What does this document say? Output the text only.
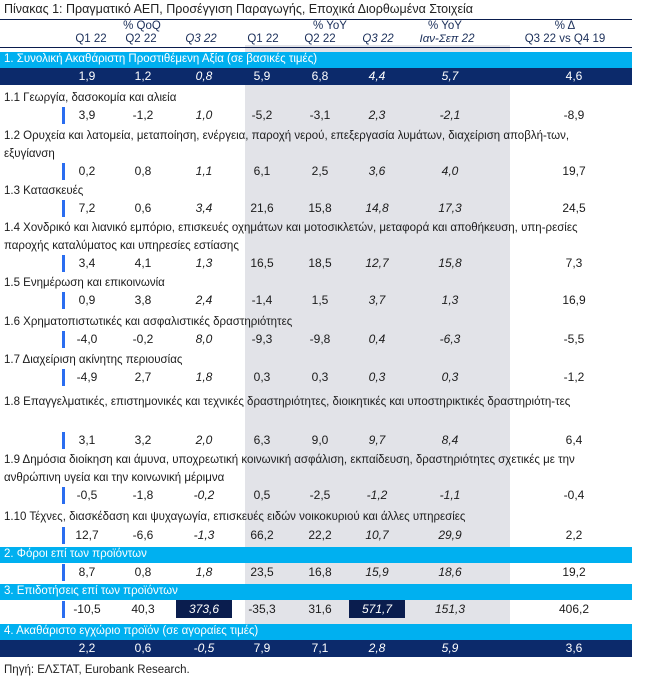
Πίνακας 1: Πραγματικό ΑΕΠ, Προσέγγιση Παραγωγής, Εποχικά Διορθωμένα Στοιχεία
% QoQ	% YoY	% YoY	% Δ
Q1 22	Q2 22	Q3 22	Q1 22	Q2 22	Q3 22	Ιαν-Σεπ 22	Q3 22 vs Q4 19
1. Συνολική Ακαθάριστη Προστιθέμενη Αξία (σε βασικές τιμές)
1,9	1,2	0,8	5,9	6,8	4,4	5,7	4,6
1.1 Γεωργία, δασοκομία και αλιεία
3,9	-1,2	1,0	-5,2	-3,1	2,3	-2,1	-8,9
1.2 Ορυχεία και λατομεία, μεταποίηση, ενέργεια, παροχή νερού, επεξεργασία λυμάτων, διαχείριση αποβλή-των, εξυγίανση
0,2	0,8	1,1	6,1	2,5	3,6	4,0	19,7
1.3 Κατασκευές
7,2	0,6	3,4	21,6	15,8	14,8	17,3	24,5
1.4 Χονδρικό και λιανικό εμπόριο, επισκευές οχημάτων και μοτοσικλετών, μεταφορά και αποθήκευση, υπη-ρεσίες παροχής καταλύματος και υπηρεσίες εστίασης
3,4	4,1	1,3	16,5	18,5	12,7	15,8	7,3
1.5 Ενημέρωση και επικοινωνία
0,9	3,8	2,4	-1,4	1,5	3,7	1,3	16,9
1.6 Χρηματοπιστωτικές και ασφαλιστικές δραστηριότητες
-4,0	-0,2	8,0	-9,3	-9,8	0,4	-6,3	-5,5
1.7 Διαχείριση ακίνητης περιουσίας
-4,9	2,7	1,8	0,3	0,3	0,3	0,3	-1,2
1.8 Επαγγελματικές, επιστημονικές και τεχνικές δραστηριότητες, διοικητικές και υποστηρικτικές δραστηριότη-τες
3,1	3,2	2,0	6,3	9,0	9,7	8,4	6,4
1.9 Δημόσια διοίκηση και άμυνα, υποχρεωτική κοινωνική ασφάλιση, εκπαίδευση, δραστηριότητες σχετικές με την ανθρώπινη υγεία και την κοινωνική μέριμνα
-0,5	-1,8	-0,2	0,5	-2,5	-1,2	-1,1	-0,4
1.10 Τέχνες, διασκέδαση και ψυχαγωγία, επισκευές ειδών νοικοκυριού και άλλες υπηρεσίες
12,7	-6,6	-1,3	66,2	22,2	10,7	29,9	2,2
2. Φόροι επί των προϊόντων
8,7	0,8	1,8	23,5	16,8	15,9	18,6	19,2
3. Επιδοτήσεις επί των προϊόντων
-10,5	40,3	373,6	-35,3	31,6	571,7	151,3	406,2
4. Ακαθάριστο εγχώριο προϊόν (σε αγοραίες τιμές)
2,2	0,6	-0,5	7,9	7,1	2,8	5,9	3,6
Πηγή: ΕΛΣΤΑΤ, Eurobank Research.
